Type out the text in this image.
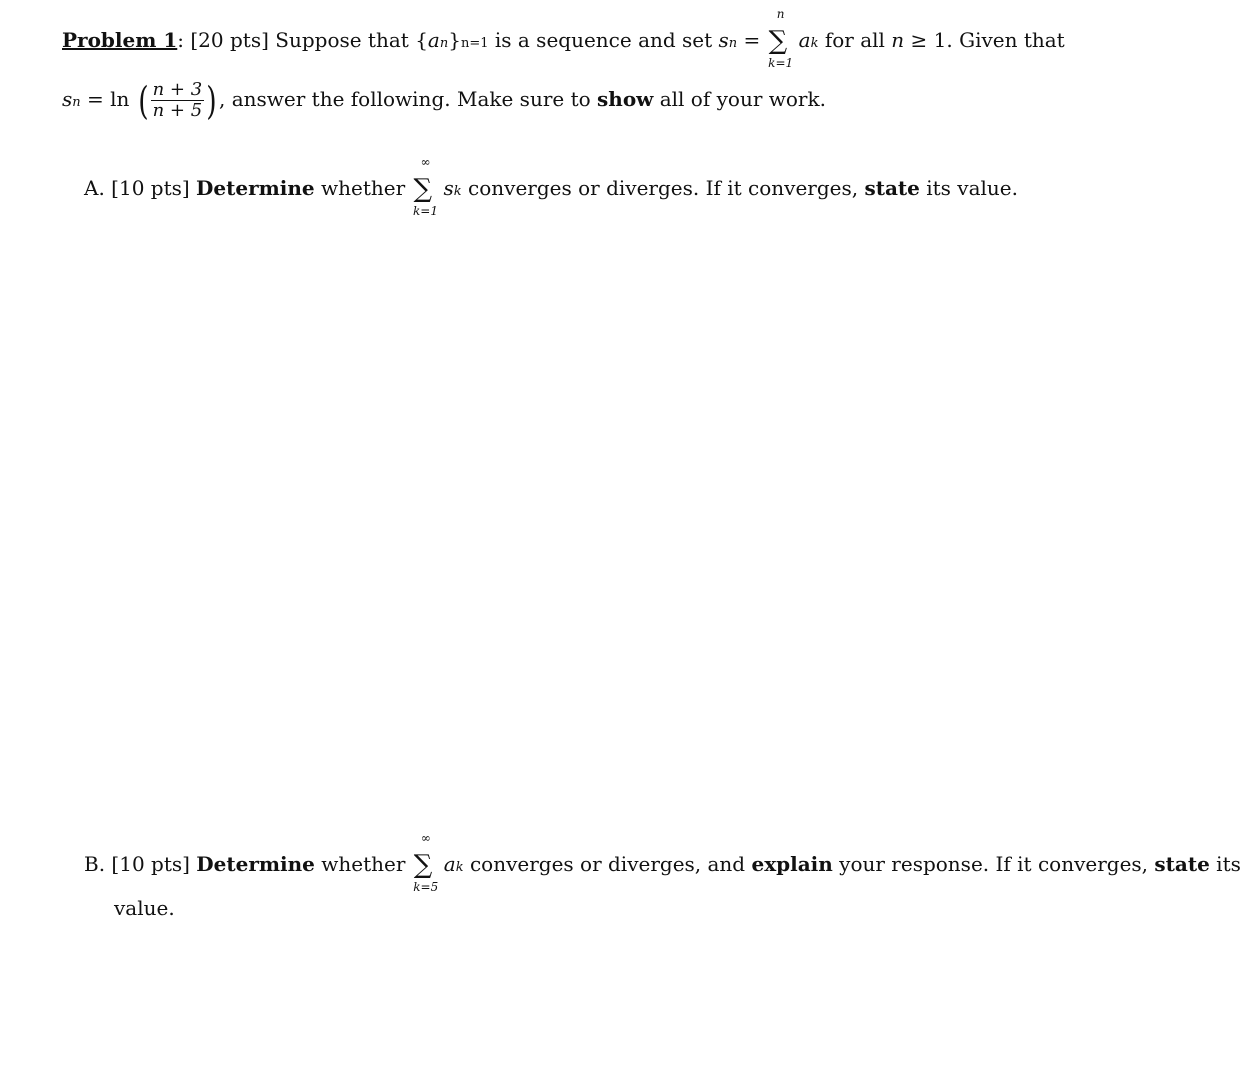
Problem 1: [20 pts] Suppose that {an}n=1 is a sequence and set sn =
n
∑
k=1
ak for all n ≥ 1. Given that
sn = ln ( $\frac{n + 3}{n + 5}$ ) , answer the following. Make sure to show all of your work.
A. [10 pts] Determine whether
∞
∑
k=1
sk converges or diverges. If it converges, state its value.
B. [10 pts] Determine whether
∞
∑
k=5
ak converges or diverges, and explain your response. If it converges, state its
value.
